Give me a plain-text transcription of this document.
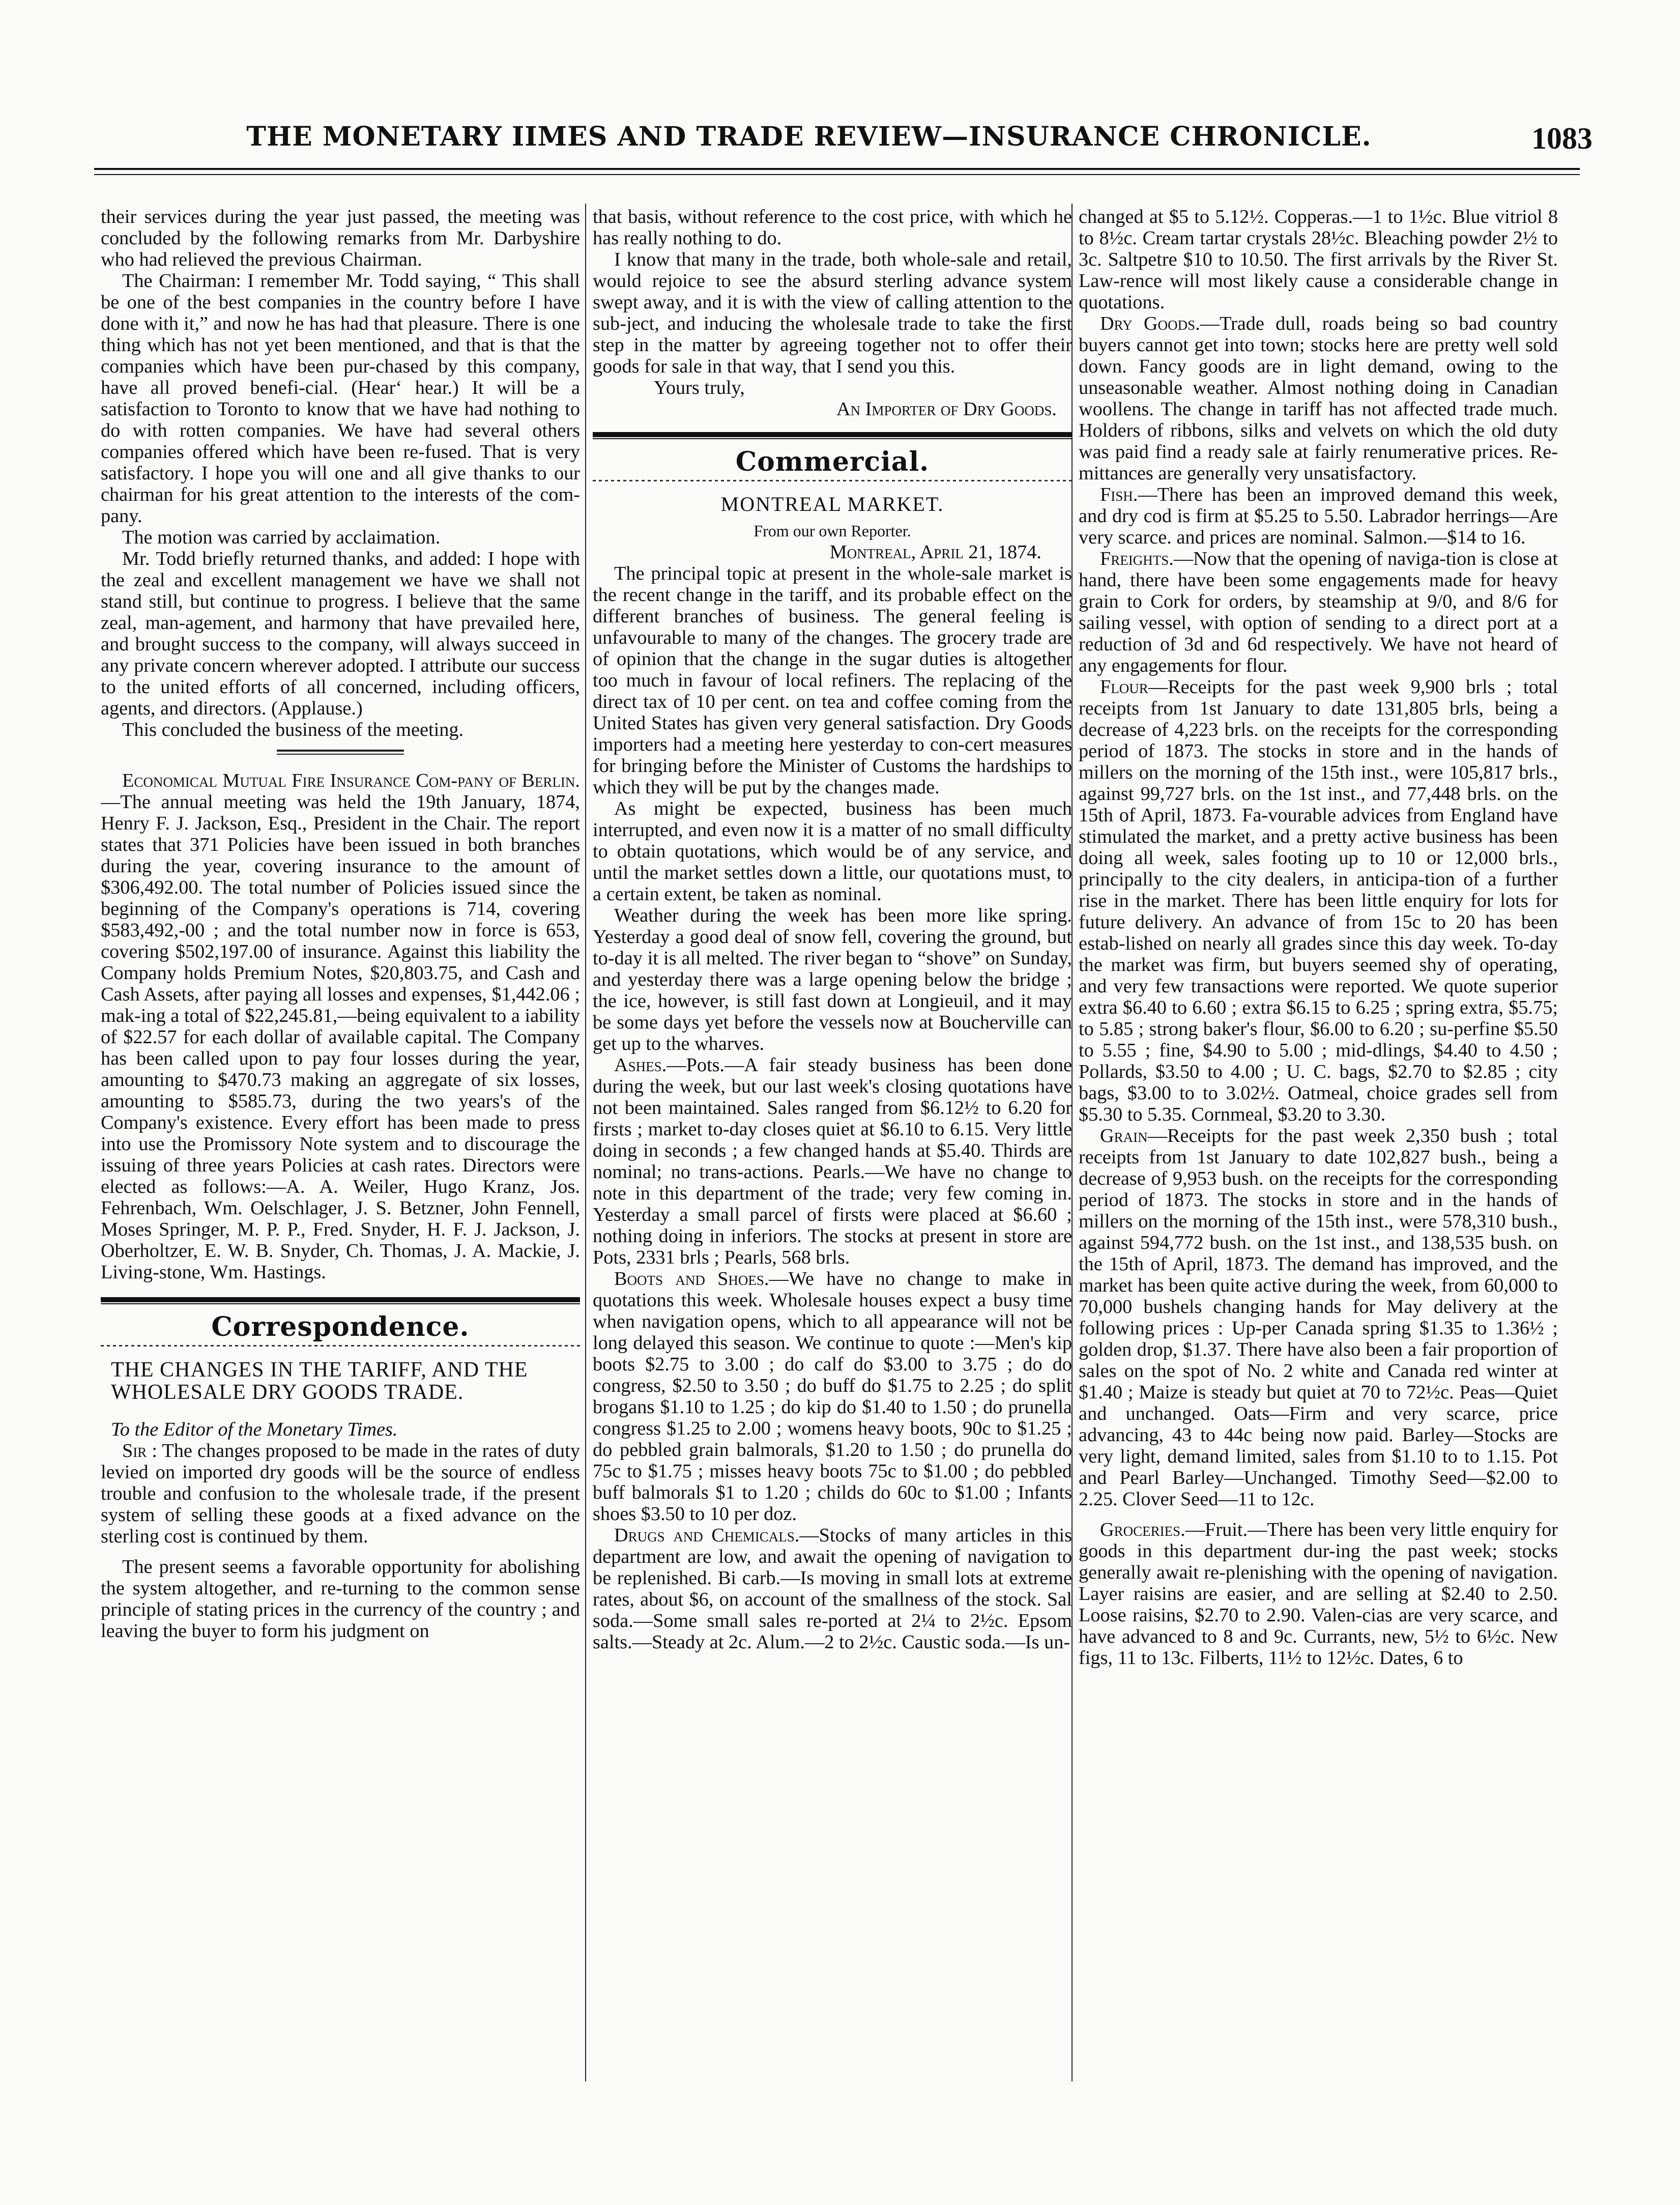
THE MONETARY IIMES AND TRADE REVIEW—INSURANCE CHRONICLE.	1083

their services during the year just passed, the meeting was concluded by the following remarks from Mr. Darbyshire who had relieved the previous Chairman.

The Chairman: I remember Mr. Todd saying, “ This shall be one of the best companies in the country before I have done with it,” and now he has had that pleasure. There is one thing which has not yet been mentioned, and that is that the companies which have been pur-chased by this company, have all proved benefi-cial. (Hear‘ hear.) It will be a satisfaction to Toronto to know that we have had nothing to do with rotten companies. We have had several others companies offered which have been re-fused. That is very satisfactory. I hope you will one and all give thanks to our chairman for his great attention to the interests of the com-pany.

The motion was carried by acclaimation.

Mr. Todd briefly returned thanks, and added: I hope with the zeal and excellent management we have we shall not stand still, but continue to progress. I believe that the same zeal, man-agement, and harmony that have prevailed here, and brought success to the company, will always succeed in any private concern wherever adopted. I attribute our success to the united efforts of all concerned, including officers, agents, and directors. (Applause.)

This concluded the business of the meeting.

Economical Mutual Fire Insurance Com-pany of Berlin.—The annual meeting was held the 19th January, 1874, Henry F. J. Jackson, Esq., President in the Chair. The report states that 371 Policies have been issued in both branches during the year, covering insurance to the amount of $306,492.00. The total number of Policies issued since the beginning of the Company's operations is 714, covering $583,492,-00 ; and the total number now in force is 653, covering $502,197.00 of insurance. Against this liability the Company holds Premium Notes, $20,803.75, and Cash and Cash Assets, after paying all losses and expenses, $1,442.06 ; mak-ing a total of $22,245.81,—being equivalent to a iability of $22.57 for each dollar of available capital. The Company has been called upon to pay four losses during the year, amounting to $470.73 making an aggregate of six losses, amounting to $585.73, during the two years's of the Company's existence. Every effort has been made to press into use the Promissory Note system and to discourage the issuing of three years Policies at cash rates. Directors were elected as follows:—A. A. Weiler, Hugo Kranz, Jos. Fehrenbach, Wm. Oelschlager, J. S. Betzner, John Fennell, Moses Springer, M. P. P., Fred. Snyder, H. F. J. Jackson, J. Oberholtzer, E. W. B. Snyder, Ch. Thomas, J. A. Mackie, J. Living-stone, Wm. Hastings.

Correspondence.
THE CHANGES IN THE TARIFF, AND THE WHOLESALE DRY GOODS TRADE.

To the Editor of the Monetary Times.

Sir : The changes proposed to be made in the rates of duty levied on imported dry goods will be the source of endless trouble and confusion to the wholesale trade, if the present system of selling these goods at a fixed advance on the sterling cost is continued by them.

The present seems a favorable opportunity for abolishing the system altogether, and re-turning to the common sense principle of stating prices in the currency of the country ; and leaving the buyer to form his judgment on

that basis, without reference to the cost price, with which he has really nothing to do.

I know that many in the trade, both whole-sale and retail, would rejoice to see the absurd sterling advance system swept away, and it is with the view of calling attention to the sub-ject, and inducing the wholesale trade to take the first step in the matter by agreeing together not to offer their goods for sale in that way, that I send you this.

Yours truly,

An Importer of Dry Goods.

Commercial.
MONTREAL MARKET.
From our own Reporter.

Montreal, April 21, 1874.

The principal topic at present in the whole-sale market is the recent change in the tariff, and its probable effect on the different branches of business. The general feeling is unfavourable to many of the changes. The grocery trade are of opinion that the change in the sugar duties is altogether too much in favour of local refiners. The replacing of the direct tax of 10 per cent. on tea and coffee coming from the United States has given very general satisfaction. Dry Goods importers had a meeting here yesterday to con-cert measures for bringing before the Minister of Customs the hardships to which they will be put by the changes made.

As might be expected, business has been much interrupted, and even now it is a matter of no small difficulty to obtain quotations, which would be of any service, and until the market settles down a little, our quotations must, to a certain extent, be taken as nominal.

Weather during the week has been more like spring. Yesterday a good deal of snow fell, covering the ground, but to-day it is all melted. The river began to “shove” on Sunday, and yesterday there was a large opening below the bridge ; the ice, however, is still fast down at Longieuil, and it may be some days yet before the vessels now at Boucherville can get up to the wharves.

Ashes.—Pots.—A fair steady business has been done during the week, but our last week's closing quotations have not been maintained. Sales ranged from $6.12½ to 6.20 for firsts ; market to-day closes quiet at $6.10 to 6.15. Very little doing in seconds ; a few changed hands at $5.40. Thirds are nominal; no trans-actions. Pearls.—We have no change to note in this department of the trade; very few coming in. Yesterday a small parcel of firsts were placed at $6.60 ; nothing doing in inferiors. The stocks at present in store are Pots, 2331 brls ; Pearls, 568 brls.

Boots and Shoes.—We have no change to make in quotations this week. Wholesale houses expect a busy time when navigation opens, which to all appearance will not be long delayed this season. We continue to quote :—Men's kip boots $2.75 to 3.00 ; do calf do $3.00 to 3.75 ; do do congress, $2.50 to 3.50 ; do buff do $1.75 to 2.25 ; do split brogans $1.10 to 1.25 ; do kip do $1.40 to 1.50 ; do prunella congress $1.25 to 2.00 ; womens heavy boots, 90c to $1.25 ; do pebbled grain balmorals, $1.20 to 1.50 ; do prunella do 75c to $1.75 ; misses heavy boots 75c to $1.00 ; do pebbled buff balmorals $1 to 1.20 ; childs do 60c to $1.00 ; Infants shoes $3.50 to 10 per doz.

Drugs and Chemicals.—Stocks of many articles in this department are low, and await the opening of navigation to be replenished. Bi carb.—Is moving in small lots at extreme rates, about $6, on account of the smallness of the stock. Sal soda.—Some small sales re-ported at 2¼ to 2½c. Epsom salts.—Steady at 2c. Alum.—2 to 2½c. Caustic soda.—Is un-

changed at $5 to 5.12½. Copperas.—1 to 1½c. Blue vitriol 8 to 8½c. Cream tartar crystals 28½c. Bleaching powder 2½ to 3c. Saltpetre $10 to 10.50. The first arrivals by the River St. Law-rence will most likely cause a considerable change in quotations.

Dry Goods.—Trade dull, roads being so bad country buyers cannot get into town; stocks here are pretty well sold down. Fancy goods are in light demand, owing to the unseasonable weather. Almost nothing doing in Canadian woollens. The change in tariff has not affected trade much. Holders of ribbons, silks and velvets on which the old duty was paid find a ready sale at fairly renumerative prices. Re-mittances are generally very unsatisfactory.

Fish.—There has been an improved demand this week, and dry cod is firm at $5.25 to 5.50. Labrador herrings—Are very scarce. and prices are nominal. Salmon.—$14 to 16.

Freights.—Now that the opening of naviga-tion is close at hand, there have been some engagements made for heavy grain to Cork for orders, by steamship at 9/0, and 8/6 for sailing vessel, with option of sending to a direct port at a reduction of 3d and 6d respectively. We have not heard of any engagements for flour.

Flour—Receipts for the past week 9,900 brls ; total receipts from 1st January to date 131,805 brls, being a decrease of 4,223 brls. on the receipts for the corresponding period of 1873. The stocks in store and in the hands of millers on the morning of the 15th inst., were 105,817 brls., against 99,727 brls. on the 1st inst., and 77,448 brls. on the 15th of April, 1873. Fa-vourable advices from England have stimulated the market, and a pretty active business has been doing all week, sales footing up to 10 or 12,000 brls., principally to the city dealers, in anticipa-tion of a further rise in the market. There has been little enquiry for lots for future delivery. An advance of from 15c to 20 has been estab-lished on nearly all grades since this day week. To-day the market was firm, but buyers seemed shy of operating, and very few transactions were reported. We quote superior extra $6.40 to 6.60 ; extra $6.15 to 6.25 ; spring extra, $5.75; to 5.85 ; strong baker's flour, $6.00 to 6.20 ; su-perfine $5.50 to 5.55 ; fine, $4.90 to 5.00 ; mid-dlings, $4.40 to 4.50 ; Pollards, $3.50 to 4.00 ; U. C. bags, $2.70 to $2.85 ; city bags, $3.00 to to 3.02½. Oatmeal, choice grades sell from $5.30 to 5.35. Cornmeal, $3.20 to 3.30.

Grain—Receipts for the past week 2,350 bush ; total receipts from 1st January to date 102,827 bush., being a decrease of 9,953 bush. on the receipts for the corresponding period of 1873. The stocks in store and in the hands of millers on the morning of the 15th inst., were 578,310 bush., against 594,772 bush. on the 1st inst., and 138,535 bush. on the 15th of April, 1873. The demand has improved, and the market has been quite active during the week, from 60,000 to 70,000 bushels changing hands for May delivery at the following prices : Up-per Canada spring $1.35 to 1.36½ ; golden drop, $1.37. There have also been a fair proportion of sales on the spot of No. 2 white and Canada red winter at $1.40 ; Maize is steady but quiet at 70 to 72½c. Peas—Quiet and unchanged. Oats—Firm and very scarce, price advancing, 43 to 44c being now paid. Barley—Stocks are very light, demand limited, sales from $1.10 to to 1.15. Pot and Pearl Barley—Unchanged. Timothy Seed—$2.00 to 2.25. Clover Seed—11 to 12c.

Groceries.—Fruit.—There has been very little enquiry for goods in this department dur-ing the past week; stocks generally await re-plenishing with the opening of navigation. Layer raisins are easier, and are selling at $2.40 to 2.50. Loose raisins, $2.70 to 2.90. Valen-cias are very scarce, and have advanced to 8 and 9c. Currants, new, 5½ to 6½c. New figs, 11 to 13c. Filberts, 11½ to 12½c. Dates, 6 to
